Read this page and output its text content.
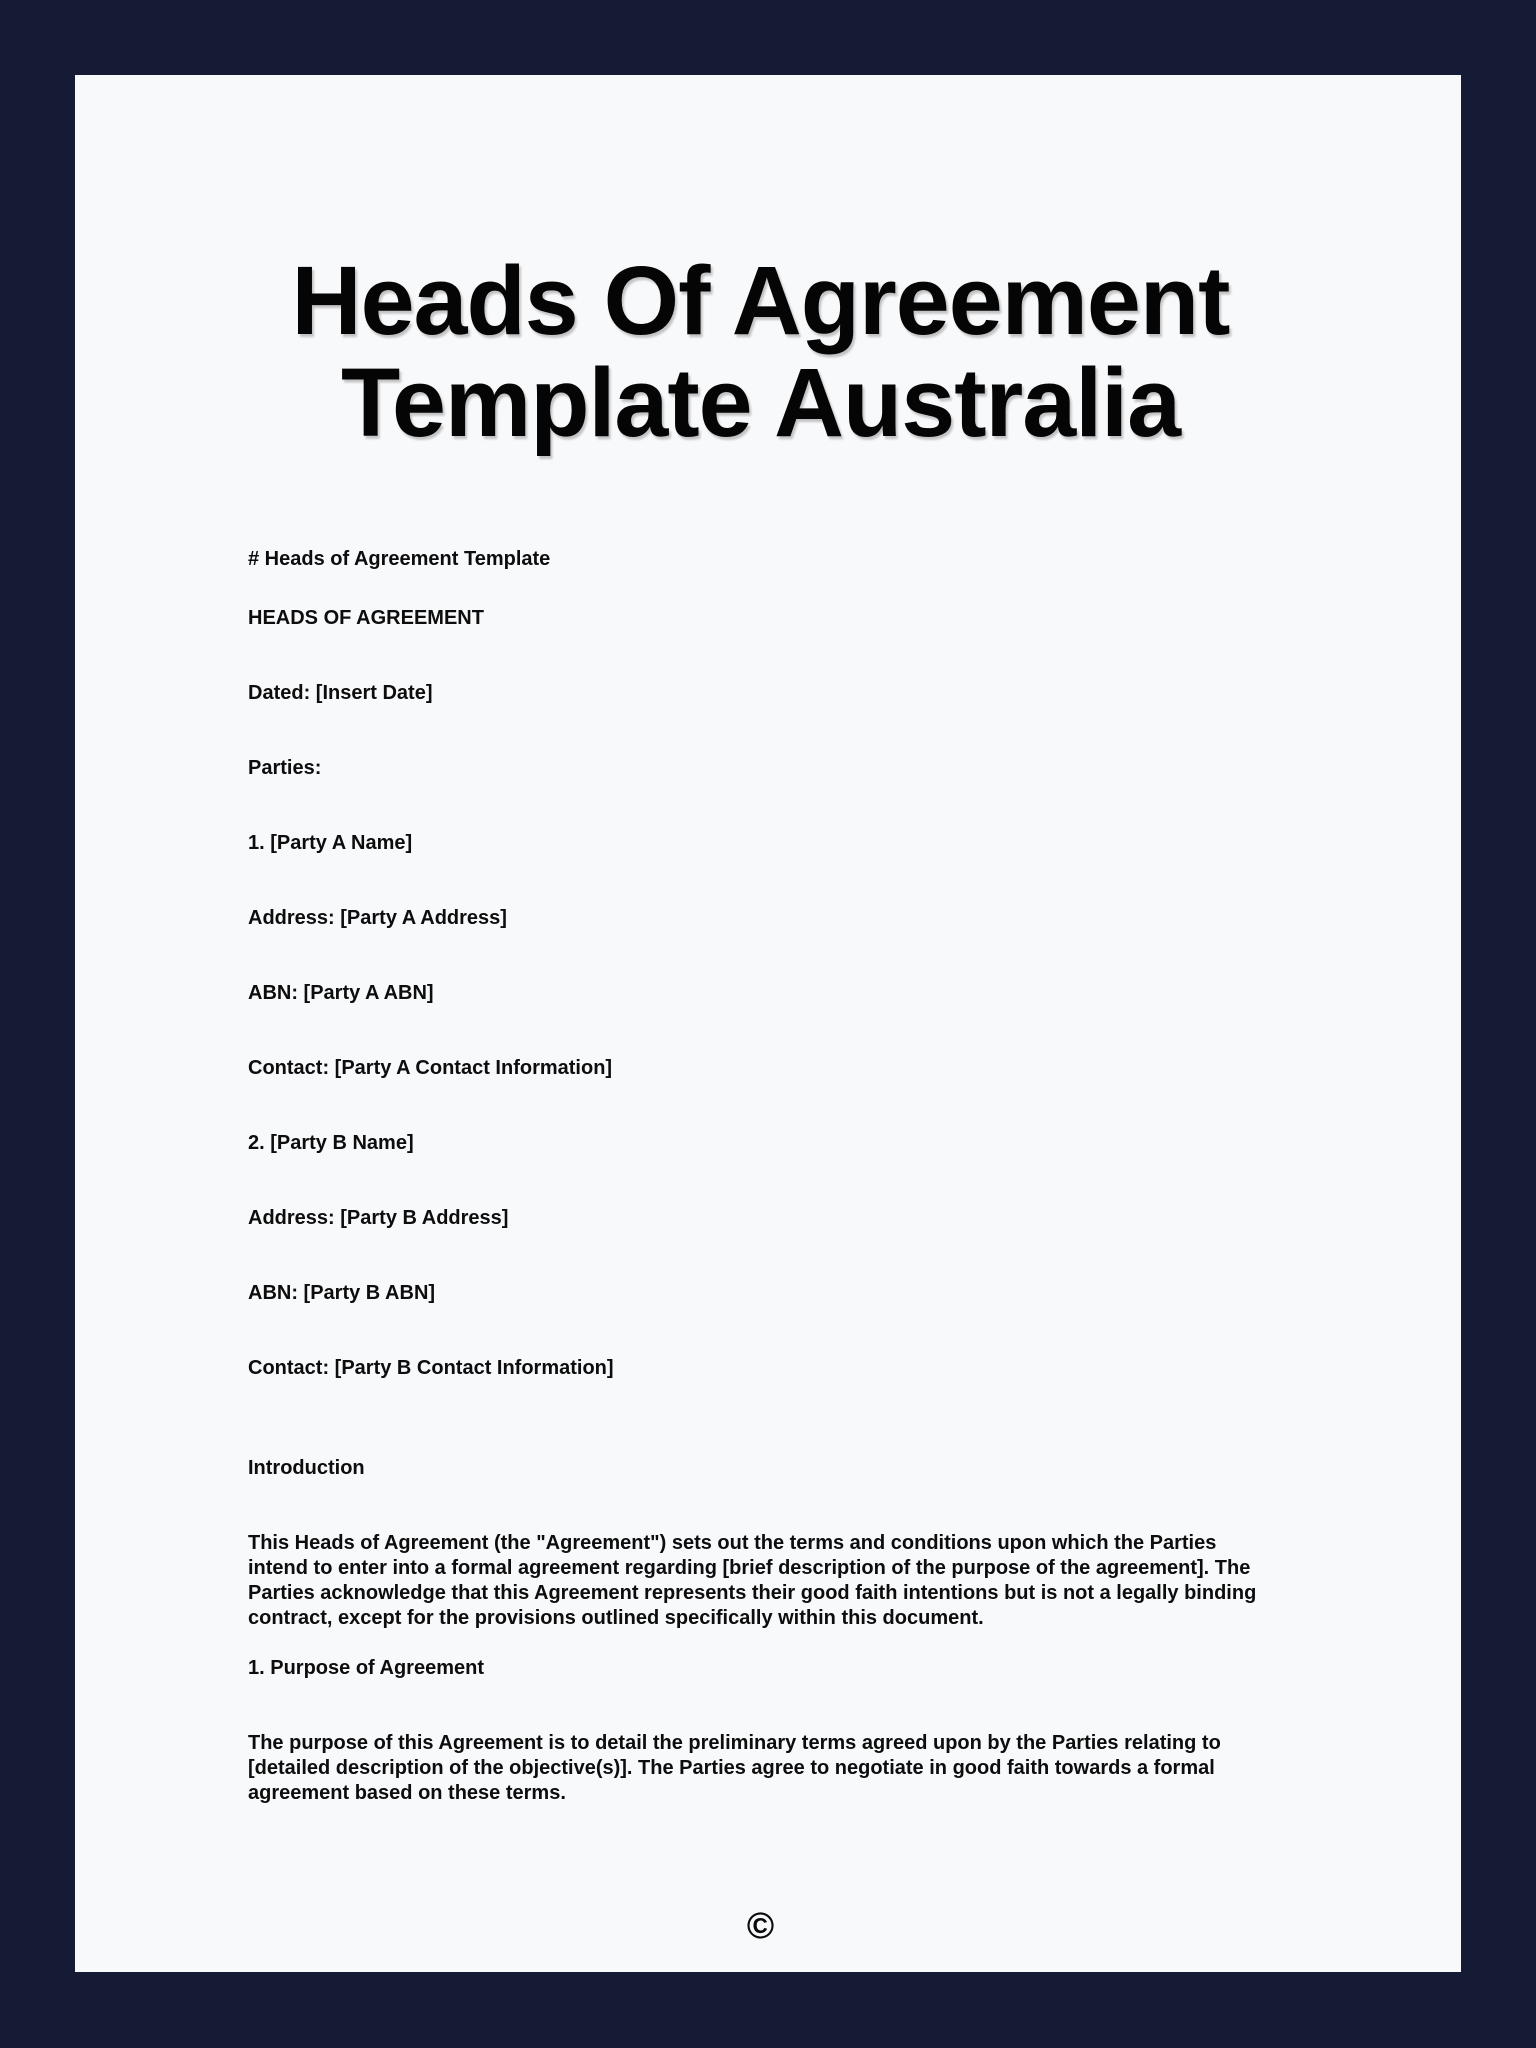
Heads Of Agreement
Template Australia

# Heads of Agreement Template

HEADS OF AGREEMENT

Dated: [Insert Date]

Parties:

1. [Party A Name]

Address: [Party A Address]

ABN: [Party A ABN]

Contact: [Party A Contact Information]

2. [Party B Name]

Address: [Party B Address]

ABN: [Party B ABN]

Contact: [Party B Contact Information]

Introduction

This Heads of Agreement (the "Agreement") sets out the terms and conditions upon which the Parties intend to enter into a formal agreement regarding [brief description of the purpose of the agreement]. The Parties acknowledge that this Agreement represents their good faith intentions but is not a legally binding contract, except for the provisions outlined specifically within this document.

1. Purpose of Agreement

The purpose of this Agreement is to detail the preliminary terms agreed upon by the Parties relating to [detailed description of the objective(s)]. The Parties agree to negotiate in good faith towards a formal agreement based on these terms.

©
